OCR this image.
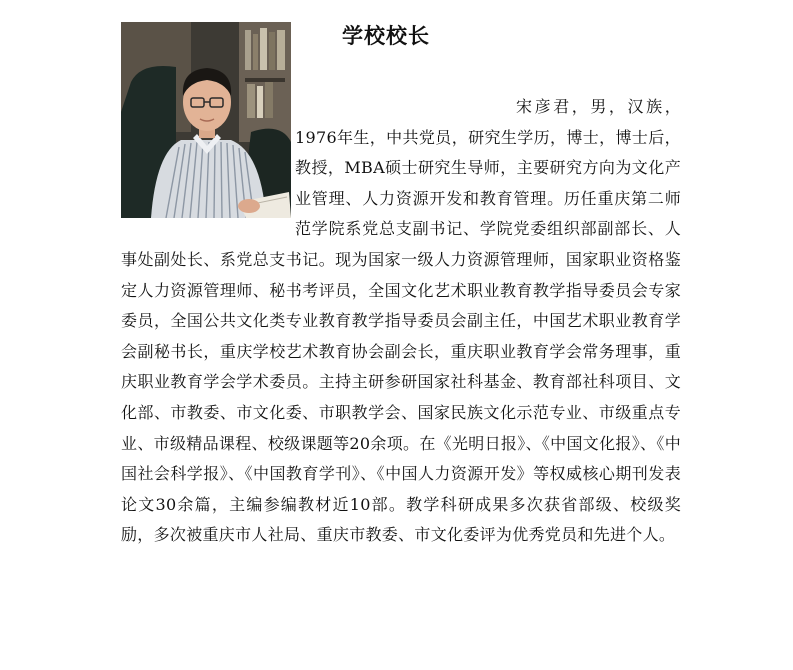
学校校长
宋彦君，男，汉族，1976年生，中共党员，研究生学历，博士，博士后，教授，MBA硕士研究生导师，主要研究方向为文化产业管理、人力资源开发和教育管理。历任重庆第二师范学院系党总支副书记、学院党委组织部副部长、人事处副处长、系党总支书记。现为国家一级人力资源管理师，国家职业资格鉴定人力资源管理师、秘书考评员，全国文化艺术职业教育教学指导委员会专家委员，全国公共文化类专业教育教学指导委员会副主任，中国艺术职业教育学会副秘书长，重庆学校艺术教育协会副会长，重庆职业教育学会常务理事，重庆职业教育学会学术委员。主持主研参研国家社科基金、教育部社科项目、文化部、市教委、市文化委、市职教学会、国家民族文化示范专业、市级重点专业、市级精品课程、校级课题等20余项。在《光明日报》、《中国文化报》、《中国社会科学报》、《中国教育学刊》、《中国人力资源开发》等权威核心期刊发表论文30余篇，主编参编教材近10部。教学科研成果多次获省部级、校级奖励，多次被重庆市人社局、重庆市教委、市文化委评为优秀党员和先进个人。
